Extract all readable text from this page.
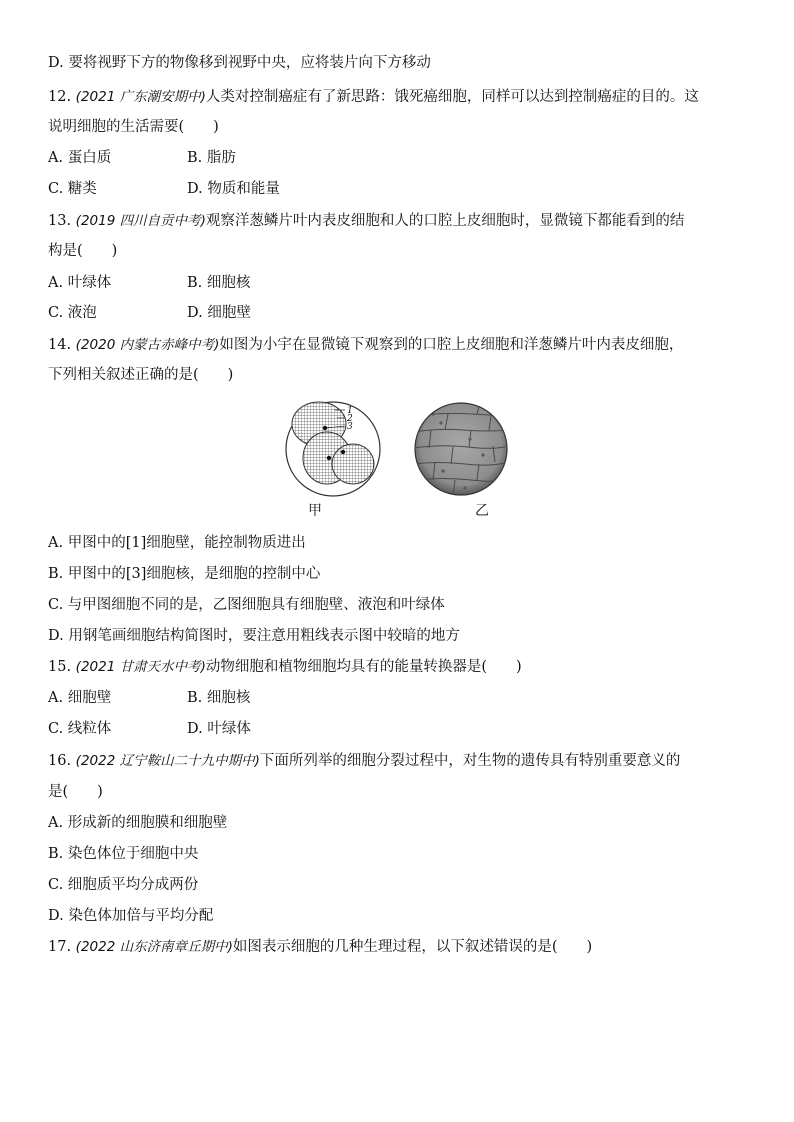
D. 要将视野下方的物像移到视野中央，应将装片向下方移动
12. (2021 广东潮安期中)人类对控制癌症有了新思路：饿死癌细胞，同样可以达到控制癌症的目的。这
说明细胞的生活需要(　　)
A. 蛋白质	B. 脂肪
C. 糖类	D. 物质和能量
13. (2019 四川自贡中考)观察洋葱鳞片叶内表皮细胞和人的口腔上皮细胞时，显微镜下都能看到的结
构是(　　)
A. 叶绿体	B. 细胞核
C. 液泡	D. 细胞壁
14. (2020 内蒙古赤峰中考)如图为小宇在显微镜下观察到的口腔上皮细胞和洋葱鳞片叶内表皮细胞，
下列相关叙述正确的是(　　)
1
2
3
甲	乙
A. 甲图中的[1]细胞壁，能控制物质进出
B. 甲图中的[3]细胞核，是细胞的控制中心
C. 与甲图细胞不同的是，乙图细胞具有细胞壁、液泡和叶绿体
D. 用钢笔画细胞结构简图时，要注意用粗线表示图中较暗的地方
15. (2021 甘肃天水中考)动物细胞和植物细胞均具有的能量转换器是(　　)
A. 细胞壁	B. 细胞核
C. 线粒体	D. 叶绿体
16. (2022 辽宁鞍山二十九中期中)下面所列举的细胞分裂过程中，对生物的遗传具有特别重要意义的
是(　　)
A. 形成新的细胞膜和细胞壁
B. 染色体位于细胞中央
C. 细胞质平均分成两份
D. 染色体加倍与平均分配
17. (2022 山东济南章丘期中)如图表示细胞的几种生理过程，以下叙述错误的是(　　)
